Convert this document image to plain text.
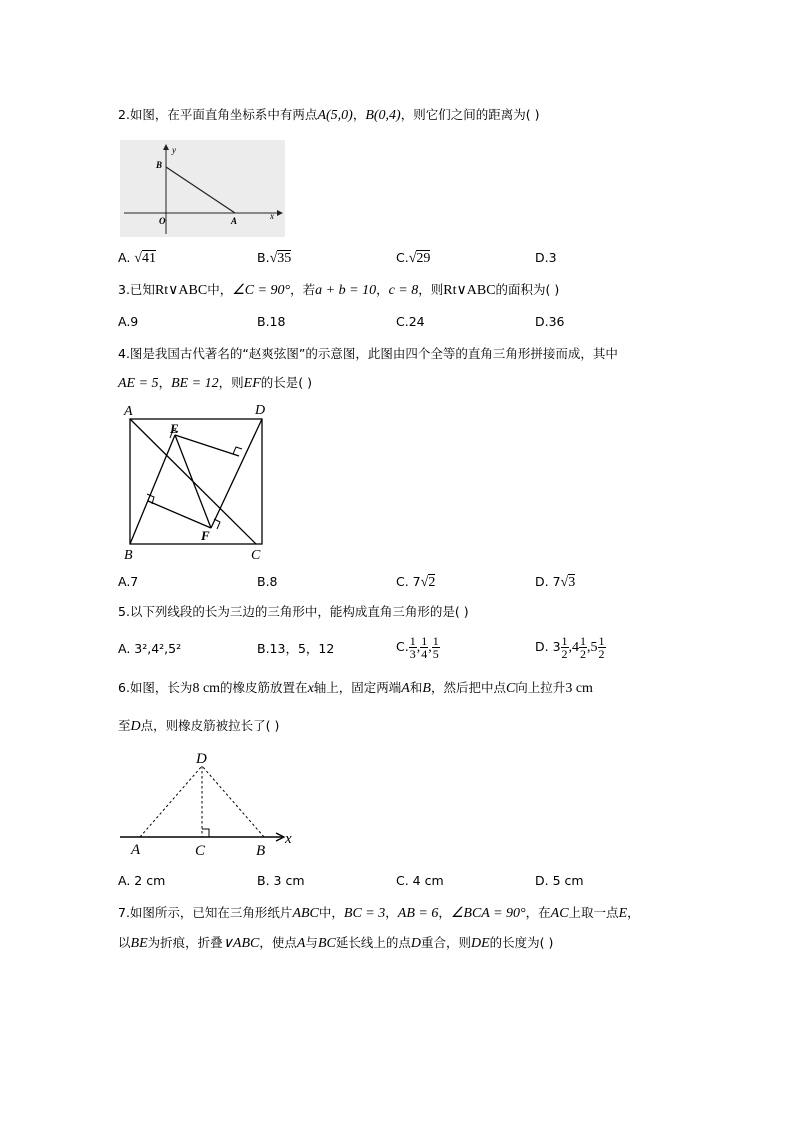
2.如图，在平面直角坐标系中有两点A(5,0)，B(0,4)，则它们之间的距离为( )
y
B
O	A	x
A. √41	B.√35	C.√29	D.3
3.已知Rt∨ABC中，∠C = 90°，若a + b = 10，c = 8，则Rt∨ABC的面积为( )
A.9	B.18	C.24	D.36
4.图是我国古代著名的“赵爽弦图”的示意图，此图由四个全等的直角三角形拼接而成，其中
AE = 5，BE = 12，则EF的长是( )
A	D
E
F
B	C
A.7	B.8	C. 7√2	D. 7√3
5.以下列线段的长为三边的三角形中，能构成直角三角形的是( )
A. 3²,4²,5²	B.13，5，12	C. $\frac{1}{3}$ , $\frac{1}{4}$ , $\frac{1}{5}$	D. $3 \frac{1}{2} ,4 \frac{1}{2} ,5 \frac{1}{2}$
6.如图，长为8 cm的橡皮筋放置在x轴上，固定两端A和B，然后把中点C向上拉升3 cm
至D点，则橡皮筋被拉长了( )
D
A	C	B
x
A. 2 cm	B. 3 cm	C. 4 cm	D. 5 cm
7.如图所示，已知在三角形纸片ABC中，BC = 3，AB = 6，∠BCA = 90°，在AC上取一点E，
以BE为折痕，折叠∨ABC，使点A与BC延长线上的点D重合，则DE的长度为( )
